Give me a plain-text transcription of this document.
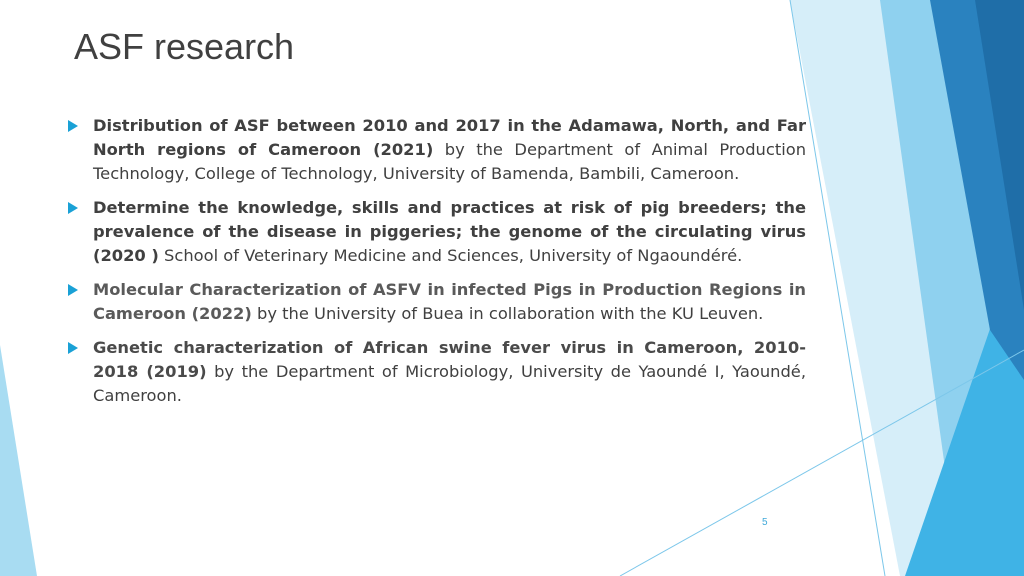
ASF research
Distribution of ASF between 2010 and 2017 in the Adamawa, North, and Far North regions of Cameroon (2021) by the Department of Animal Production Technology, College of Technology, University of Bamenda, Bambili, Cameroon.
Determine the knowledge, skills and practices at risk of pig breeders; the prevalence of the disease in piggeries; the genome of the circulating virus (2020 ) School of Veterinary Medicine and Sciences, University of Ngaoundéré.
Molecular Characterization of ASFV in infected Pigs in Production Regions in Cameroon (2022) by the University of Buea in collaboration with the KU Leuven.
Genetic characterization of African swine fever virus in Cameroon, 2010-2018 (2019) by the Department of Microbiology, University de Yaoundé I, Yaoundé, Cameroon.
5
